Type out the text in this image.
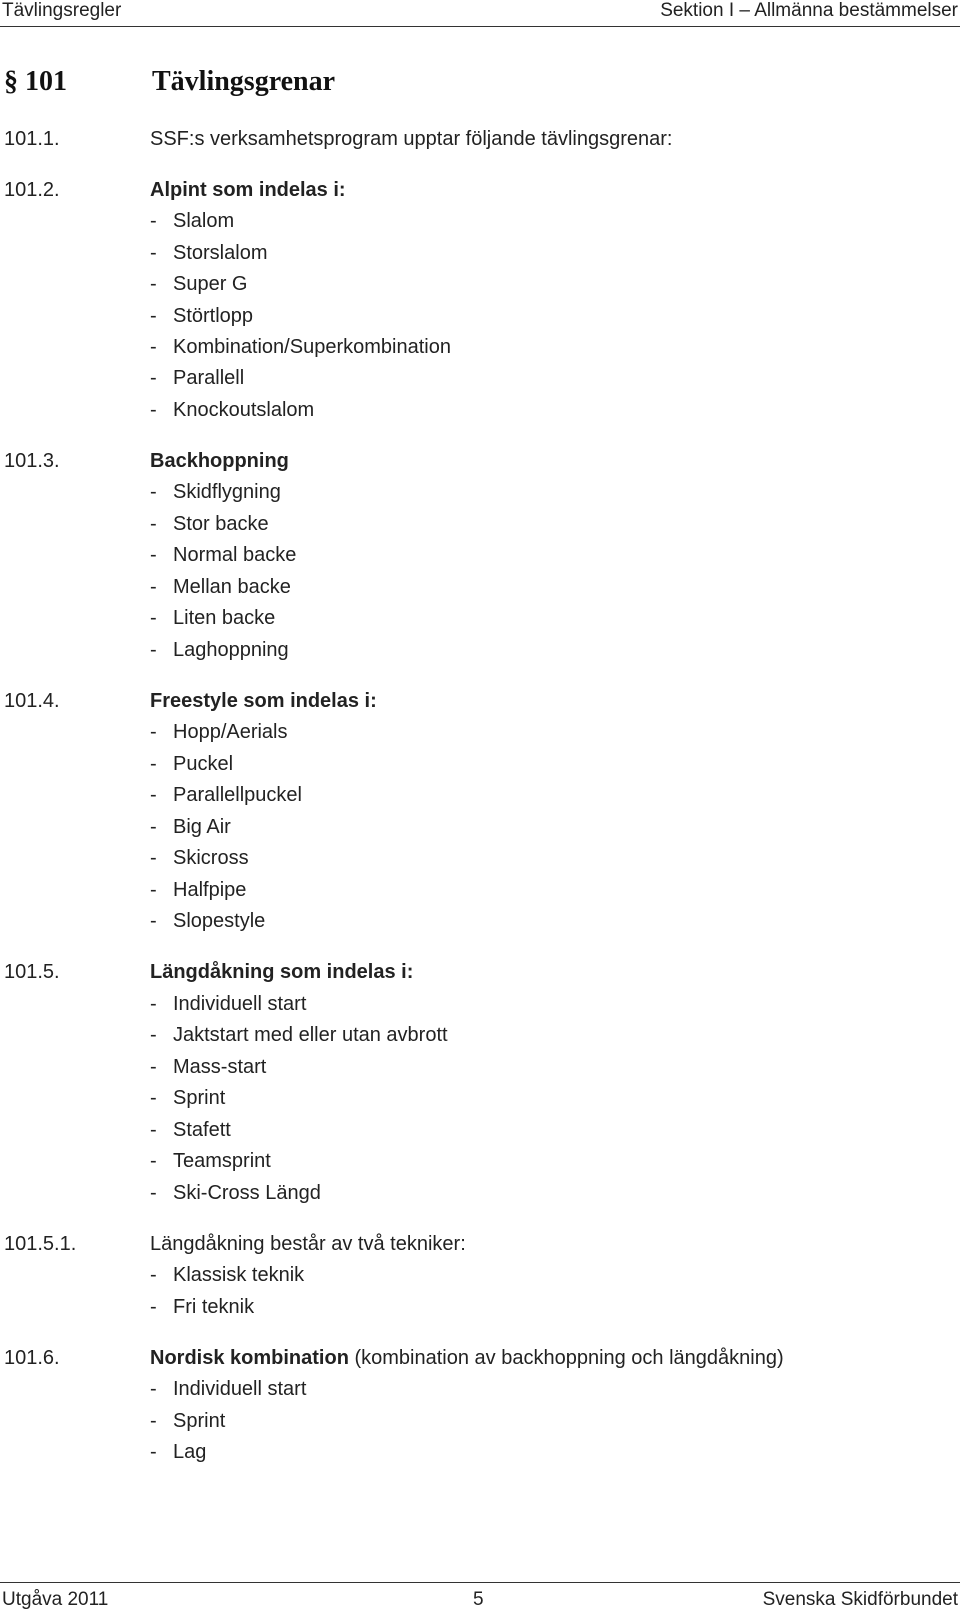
Tävlingsregler	Sektion I – Allmänna bestämmelser
§ 101	Tävlingsgrenar
101.1.	SSF:s verksamhetsprogram upptar följande tävlingsgrenar:
101.2.	Alpint som indelas i:
- Slalom
- Storslalom
- Super G
- Störtlopp
- Kombination/Superkombination
- Parallell
- Knockoutslalom
101.3.	Backhoppning
- Skidflygning
- Stor backe
- Normal backe
- Mellan backe
- Liten backe
- Laghoppning
101.4.	Freestyle som indelas i:
- Hopp/Aerials
- Puckel
- Parallellpuckel
- Big Air
- Skicross
- Halfpipe
- Slopestyle
101.5.	Längdåkning som indelas i:
- Individuell start
- Jaktstart med eller utan avbrott
- Mass-start
- Sprint
- Stafett
- Teamsprint
- Ski-Cross Längd
101.5.1.	Längdåkning består av två tekniker:
- Klassisk teknik
- Fri teknik
101.6.	Nordisk kombination (kombination av backhoppning och längdåkning)
- Individuell start
- Sprint
- Lag
Utgåva 2011	5	Svenska Skidförbundet
